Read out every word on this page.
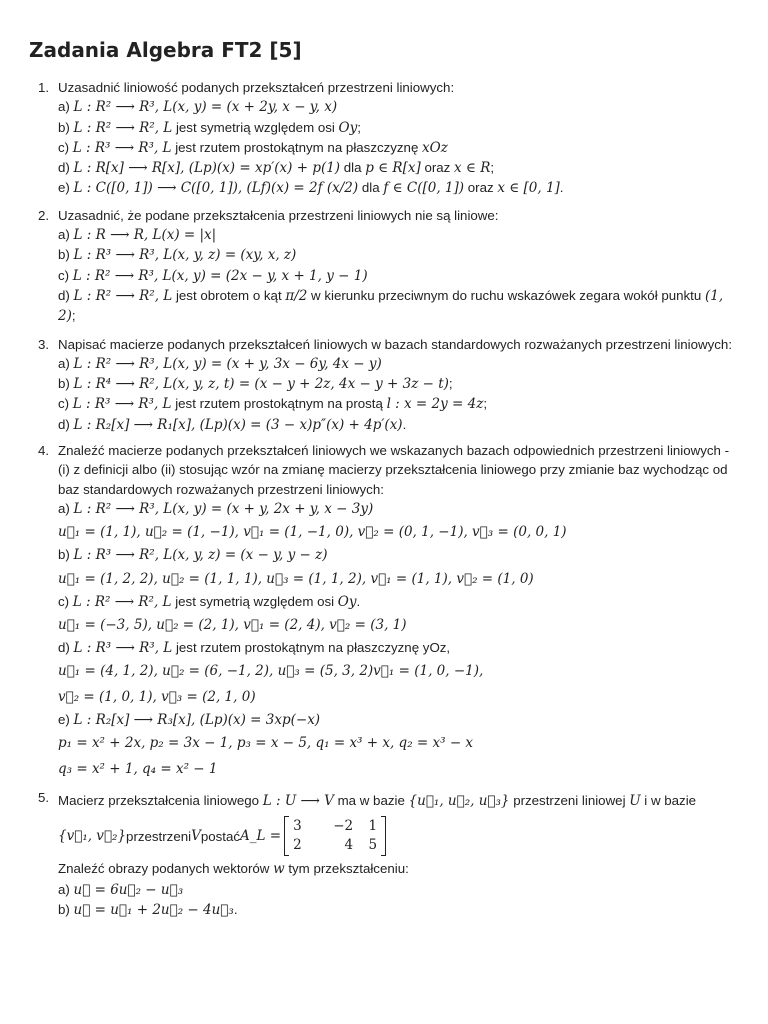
Zadania Algebra FT2 [5]
1. Uzasadnić liniowość podanych przekształceń przestrzeni liniowych:
a) L : R² ⟶ R³, L(x, y) = (x + 2y, x − y, x)
b) L : R² ⟶ R², L jest symetrią względem osi Oy;
c) L : R³ ⟶ R³, L jest rzutem prostokątnym na płaszczyznę xOz
d) L : R[x] ⟶ R[x], (Lp)(x) = xp′(x) + p(1) dla p ∈ R[x] oraz x ∈ R;
e) L : C([0, 1]) ⟶ C([0, 1]), (Lf)(x) = 2f (x/2) dla f ∈ C([0, 1]) oraz x ∈ [0, 1].
2. Uzasadnić, że podane przekształcenia przestrzeni liniowych nie są liniowe:
a) L : R ⟶ R, L(x) = |x|
b) L : R³ ⟶ R³, L(x, y, z) = (xy, x, z)
c) L : R² ⟶ R³, L(x, y) = (2x − y, x + 1, y − 1)
d) L : R² ⟶ R², L jest obrotem o kąt π/2 w kierunku przeciwnym do ruchu wskazówek zegara wokół punktu (1, 2);
3. Napisać macierze podanych przekształceń liniowych w bazach standardowych rozważanych przestrzeni liniowych:
a) L : R² ⟶ R³, L(x, y) = (x + y, 3x − 6y, 4x − y)
b) L : R⁴ ⟶ R², L(x, y, z, t) = (x − y + 2z, 4x − y + 3z − t);
c) L : R³ ⟶ R³, L jest rzutem prostokątnym na prostą l : x = 2y = 4z;
d) L : R₂[x] ⟶ R₁[x], (Lp)(x) = (3 − x)p″(x) + 4p′(x).
4. Znaleźć macierze podanych przekształceń liniowych we wskazanych bazach odpowiednich przestrzeni liniowych - (i) z definicji albo (ii) stosując wzór na zmianę macierzy przekształcenia liniowego przy zmianie baz wychodząc od baz standardowych rozważanych przestrzeni liniowych:
a) L : R² ⟶ R³, L(x, y) = (x + y, 2x + y, x − 3y)
u⃗₁ = (1, 1), u⃗₂ = (1, −1), v⃗₁ = (1, −1, 0), v⃗₂ = (0, 1, −1), v⃗₃ = (0, 0, 1)
b) L : R³ ⟶ R², L(x, y, z) = (x − y, y − z)
u⃗₁ = (1, 2, 2), u⃗₂ = (1, 1, 1), u⃗₃ = (1, 1, 2), v⃗₁ = (1, 1), v⃗₂ = (1, 0)
c) L : R² ⟶ R², L jest symetrią względem osi Oy.
u⃗₁ = (−3, 5), u⃗₂ = (2, 1), v⃗₁ = (2, 4), v⃗₂ = (3, 1)
d) L : R³ ⟶ R³, L jest rzutem prostokątnym na płaszczyznę yOz,
u⃗₁ = (4, 1, 2), u⃗₂ = (6, −1, 2), u⃗₃ = (5, 3, 2)v⃗₁ = (1, 0, −1),
v⃗₂ = (1, 0, 1), v⃗₃ = (2, 1, 0)
e) L : R₂[x] ⟶ R₃[x], (Lp)(x) = 3xp(−x)
p₁ = x² + 2x, p₂ = 3x − 1, p₃ = x − 5, q₁ = x³ + x, q₂ = x³ − x
q₃ = x² + 1, q₄ = x² − 1
5. Macierz przekształcenia liniowego L : U ⟶ V ma w bazie {u⃗₁, u⃗₂, u⃗₃} przestrzeni liniowej U i w bazie
{v⃗₁, v⃗₂} przestrzeni V postać A_L =
3	−2	1
2	4	5
Znaleźć obrazy podanych wektorów w tym przekształceniu:
a) u⃗ = 6u⃗₂ − u⃗₃
b) u⃗ = u⃗₁ + 2u⃗₂ − 4u⃗₃.
